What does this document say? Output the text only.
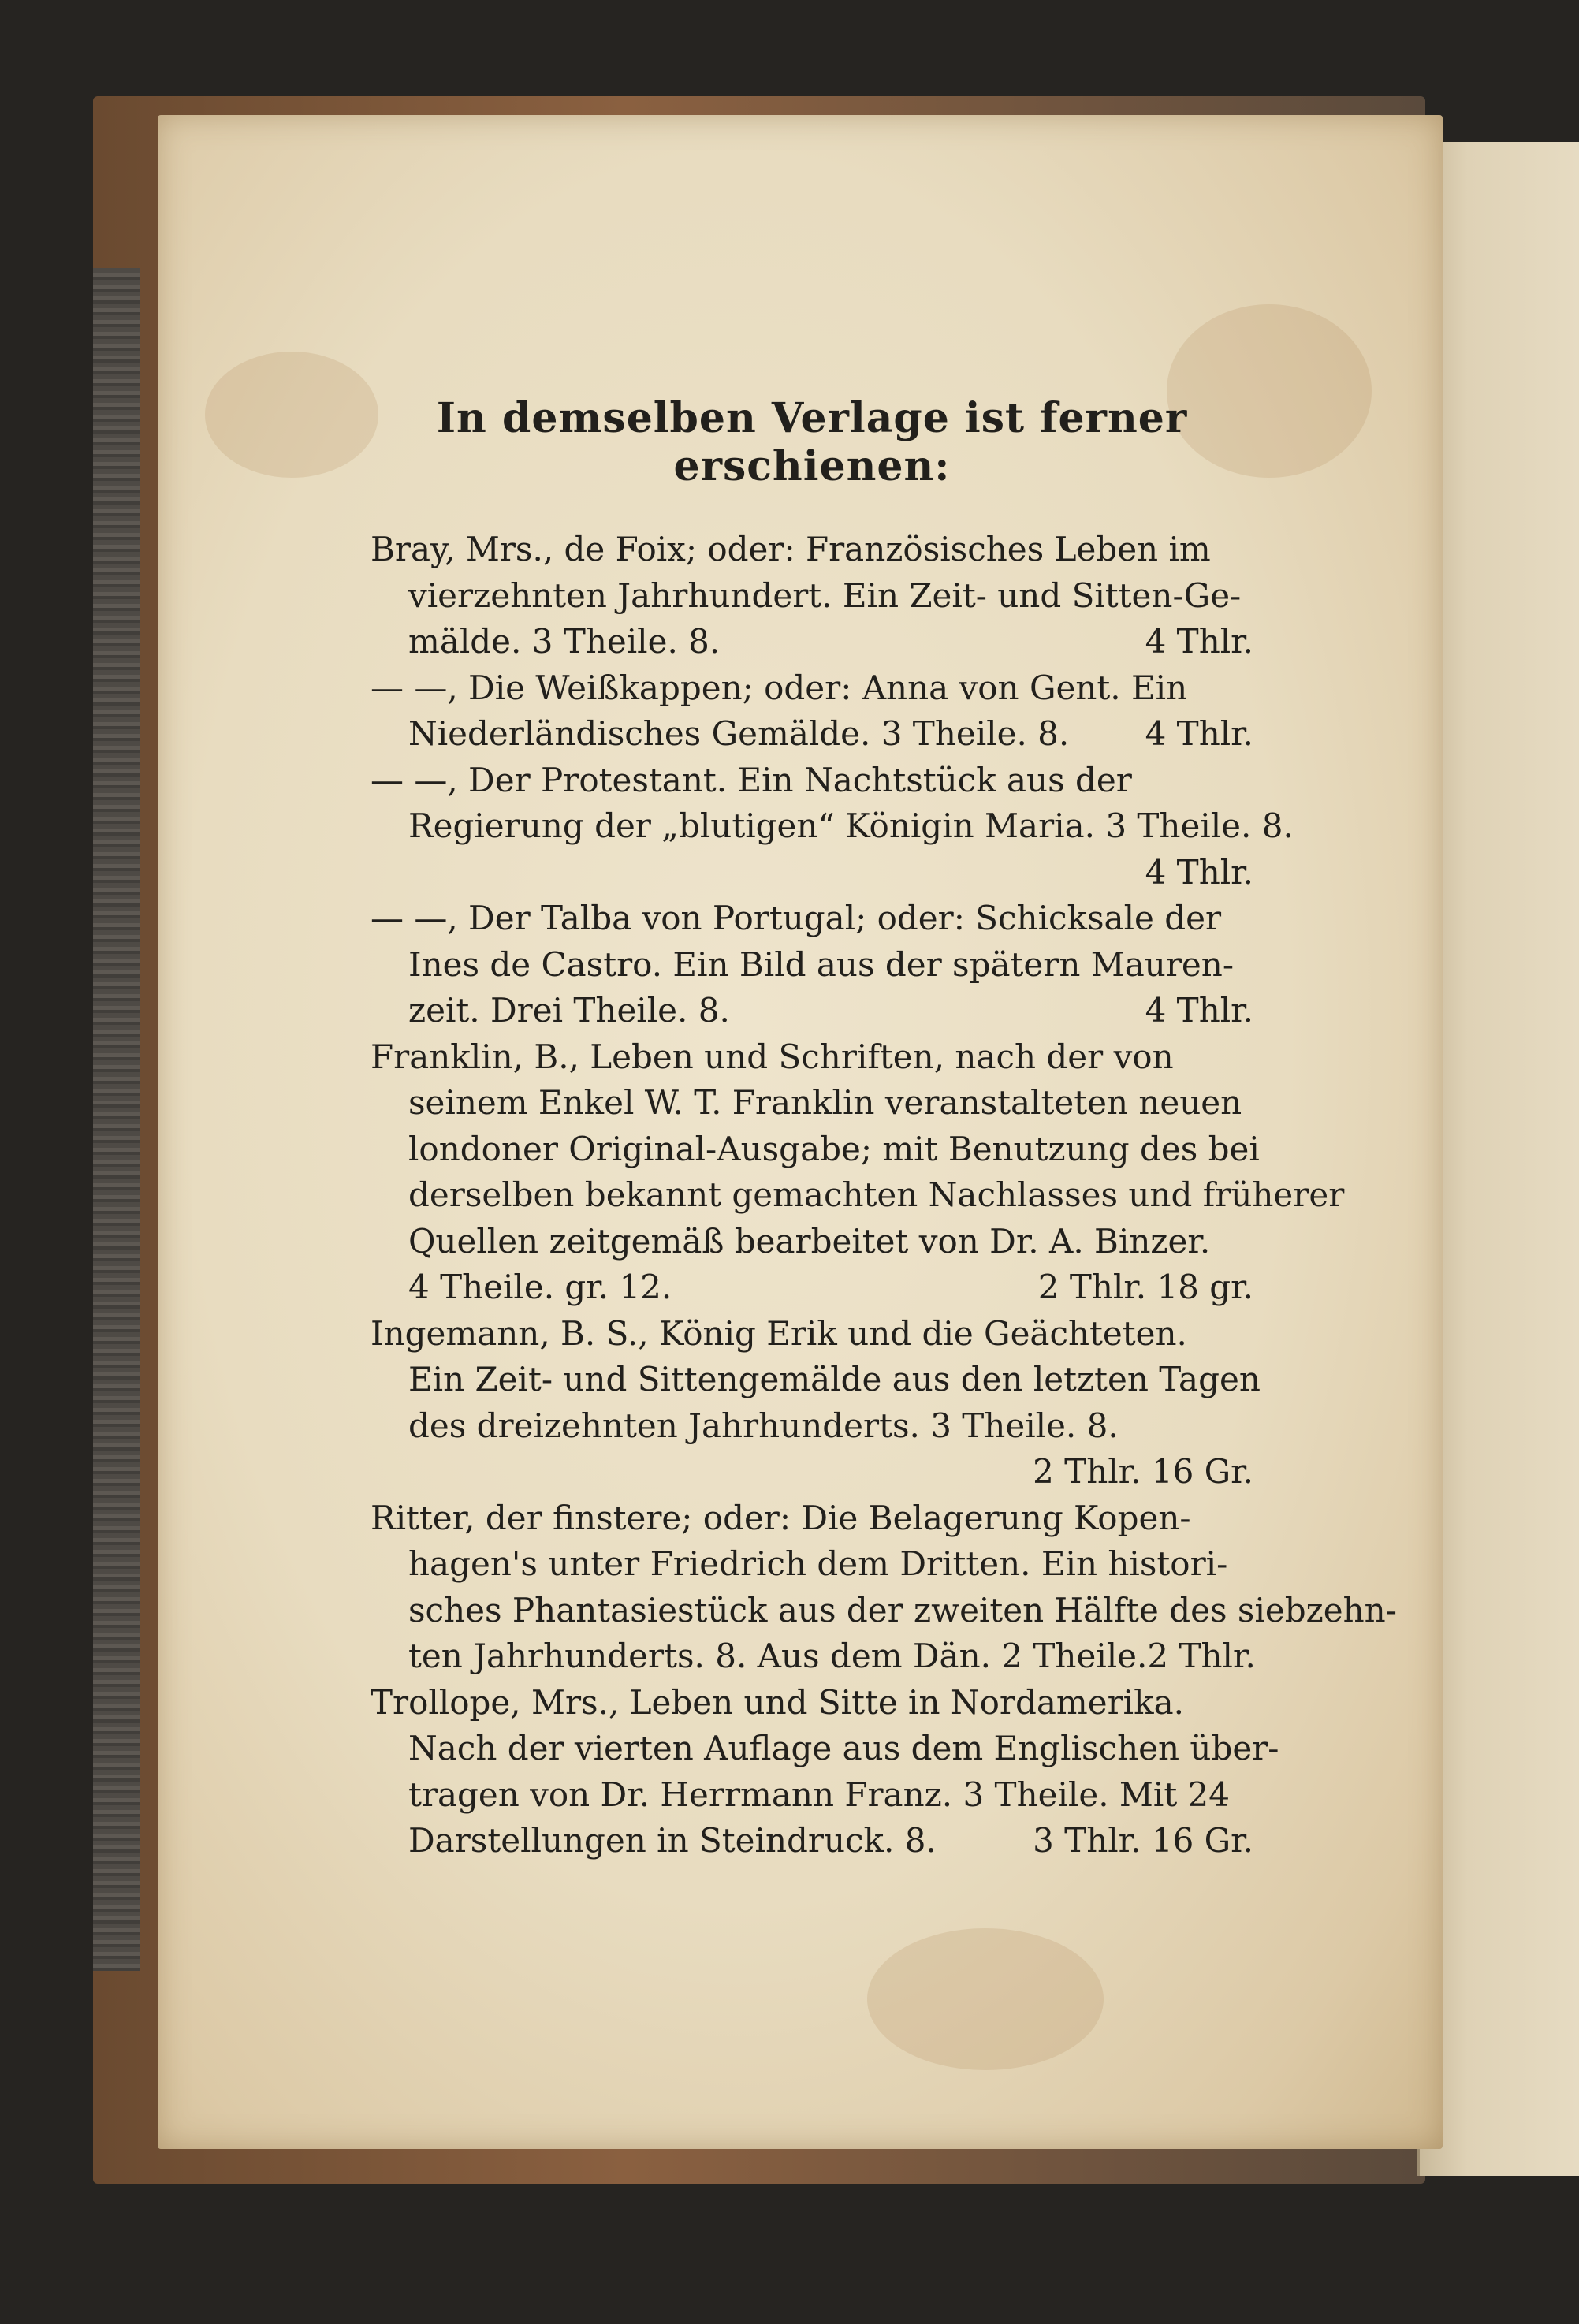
In demselben Verlage ist ferner erschienen:
Bray, Mrs., de Foix; oder: Französisches Leben im
vierzehnten Jahrhundert. Ein Zeit- und Sitten-Ge-
mälde. 3 Theile. 8.	4 Thlr.
— —, Die Weißkappen; oder: Anna von Gent. Ein
Niederländisches Gemälde. 3 Theile. 8. 4 Thlr.
— —, Der Protestant. Ein Nachtstück aus der
Regierung der „blutigen“ Königin Maria. 3 Theile. 8.
4 Thlr.
— —, Der Talba von Portugal; oder: Schicksale der
Ines de Castro. Ein Bild aus der spätern Mauren-
zeit. Drei Theile. 8.	4 Thlr.
Franklin, B., Leben und Schriften, nach der von
seinem Enkel W. T. Franklin veranstalteten neuen
londoner Original-Ausgabe; mit Benutzung des bei
derselben bekannt gemachten Nachlasses und früherer
Quellen zeitgemäß bearbeitet von Dr. A. Binzer.
4 Theile. gr. 12.	2 Thlr. 18 gr.
Ingemann, B. S., König Erik und die Geächteten.
Ein Zeit- und Sittengemälde aus den letzten Tagen
des dreizehnten Jahrhunderts. 3 Theile. 8.
2 Thlr. 16 Gr.
Ritter, der finstere; oder: Die Belagerung Kopen-
hagen's unter Friedrich dem Dritten. Ein histori-
sches Phantasiestück aus der zweiten Hälfte des siebzehn-
ten Jahrhunderts. 8. Aus dem Dän. 2 Theile. 2 Thlr.
Trollope, Mrs., Leben und Sitte in Nordamerika.
Nach der vierten Auflage aus dem Englischen über-
tragen von Dr. Herrmann Franz. 3 Theile. Mit 24
Darstellungen in Steindruck. 8.	3 Thlr. 16 Gr.
